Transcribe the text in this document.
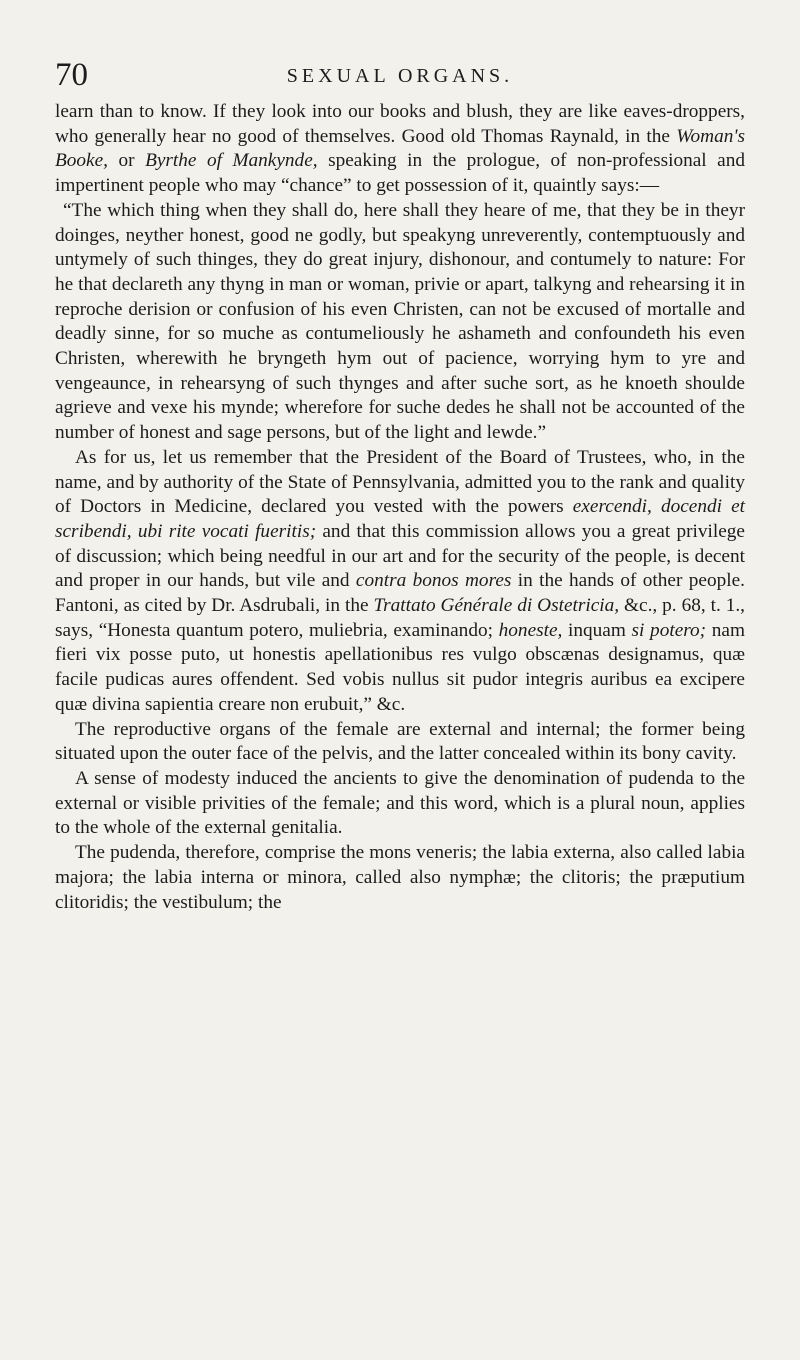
70	SEXUAL ORGANS.

learn than to know. If they look into our books and blush, they are like eaves-droppers, who generally hear no good of themselves. Good old Thomas Raynald, in the Woman's Booke, or Byrthe of Mankynde, speaking in the prologue, of non-professional and impertinent people who may “chance” to get possession of it, quaintly says:—

“The which thing when they shall do, here shall they heare of me, that they be in theyr doinges, neyther honest, good ne godly, but speakyng unreverently, contemptuously and untymely of such thinges, they do great injury, dishonour, and contumely to nature: For he that declareth any thyng in man or woman, privie or apart, talkyng and rehearsing it in reproche derision or confusion of his even Christen, can not be excused of mortalle and deadly sinne, for so muche as contumeliously he ashameth and confoundeth his even Christen, wherewith he bryngeth hym out of pacience, worrying hym to yre and vengeaunce, in rehearsyng of such thynges and after suche sort, as he knoeth shoulde agrieve and vexe his mynde; wherefore for suche dedes he shall not be accounted of the number of honest and sage persons, but of the light and lewde.”

As for us, let us remember that the President of the Board of Trustees, who, in the name, and by authority of the State of Pennsylvania, admitted you to the rank and quality of Doctors in Medicine, declared you vested with the powers exercendi, docendi et scribendi, ubi rite vocati fueritis; and that this commission allows you a great privilege of discussion; which being needful in our art and for the security of the people, is decent and proper in our hands, but vile and contra bonos mores in the hands of other people. Fantoni, as cited by Dr. Asdrubali, in the Trattato Générale di Ostetricia, &c., p. 68, t. 1., says, “Honesta quantum potero, muliebria, examinando; honeste, inquam si potero; nam fieri vix posse puto, ut honestis apellationibus res vulgo obscænas designamus, quæ facile pudicas aures offendent. Sed vobis nullus sit pudor integris auribus ea excipere quæ divina sapientia creare non erubuit,” &c.

The reproductive organs of the female are external and internal; the former being situated upon the outer face of the pelvis, and the latter concealed within its bony cavity.

A sense of modesty induced the ancients to give the denomination of pudenda to the external or visible privities of the female; and this word, which is a plural noun, applies to the whole of the external genitalia.

The pudenda, therefore, comprise the mons veneris; the labia externa, also called labia majora; the labia interna or minora, called also nymphæ; the clitoris; the præputium clitoridis; the vestibulum; the
